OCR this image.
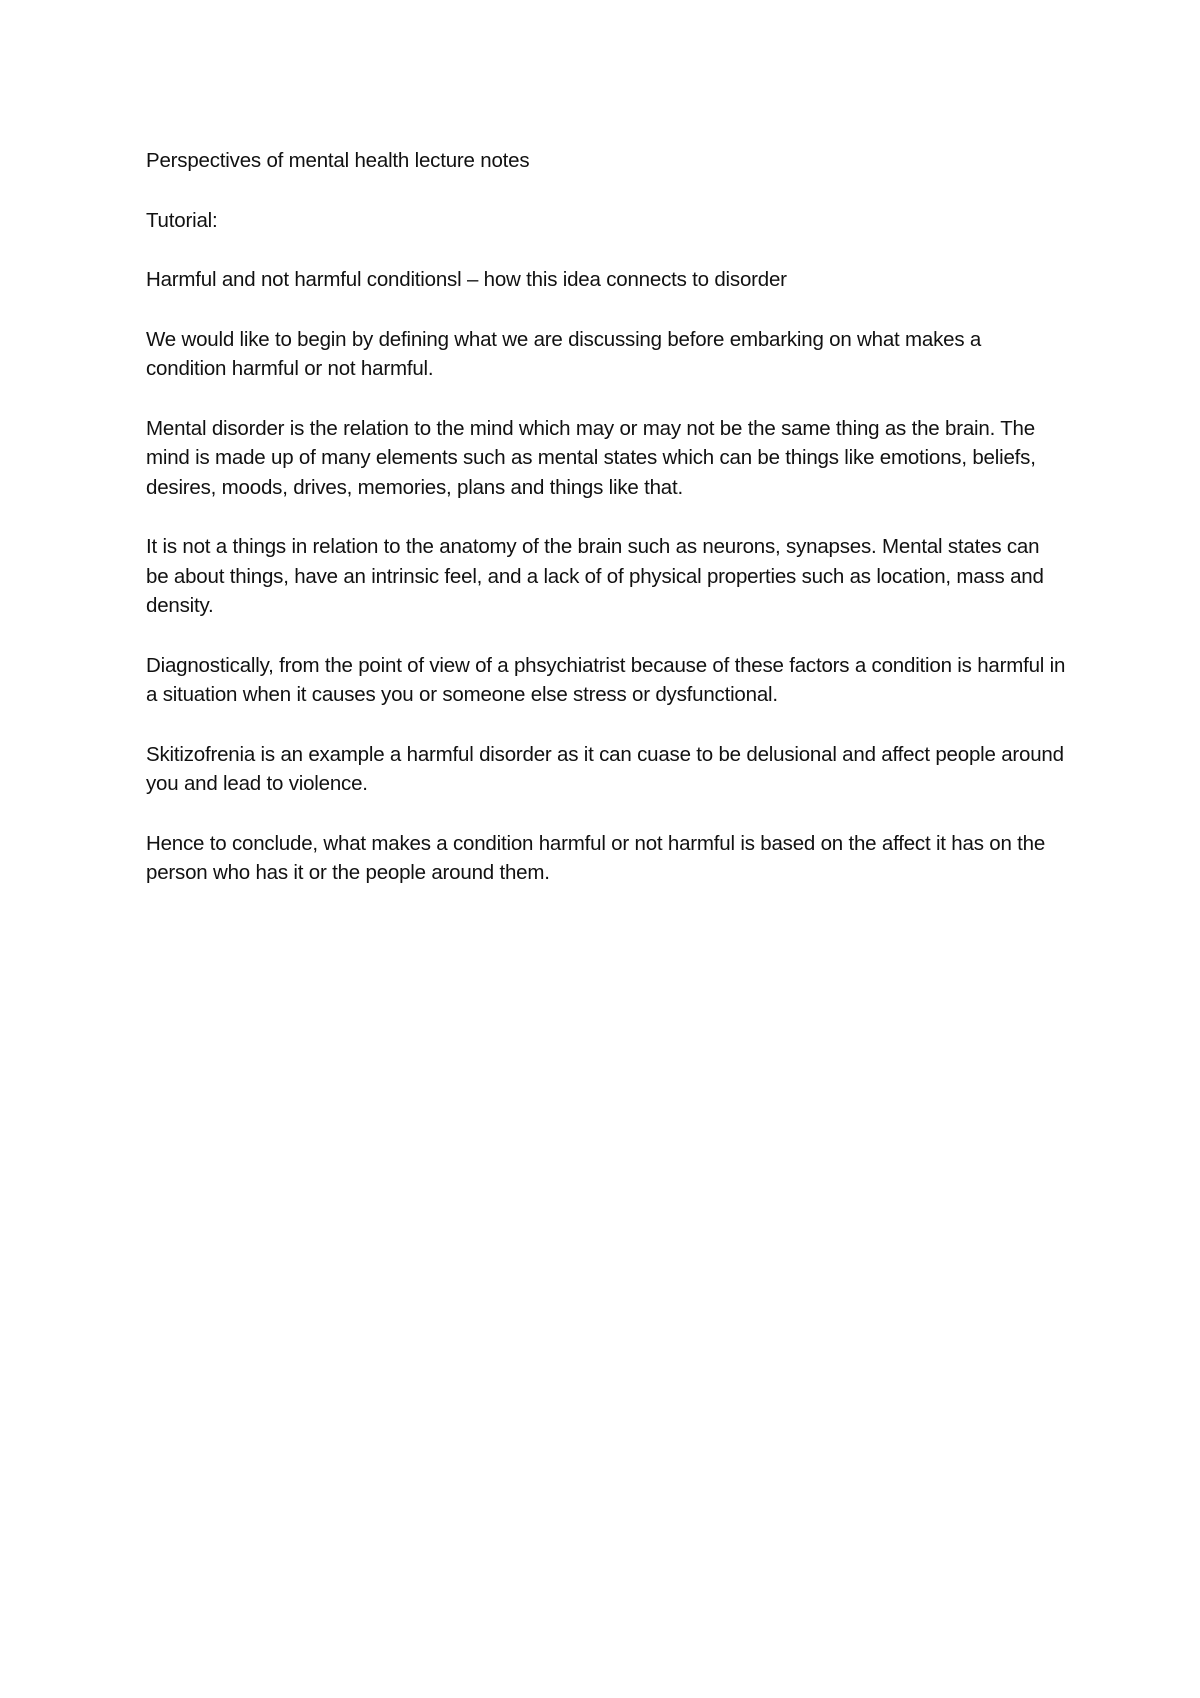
Perspectives of mental health lecture notes

Tutorial:

Harmful and not harmful conditionsl – how this idea connects to disorder

We would like to begin by defining what we are discussing before embarking on what makes a condition harmful or not harmful.

Mental disorder is the relation to the mind which may or may not be the same thing as the brain. The mind is made up of many elements such as mental states which can be things like emotions, beliefs, desires, moods, drives, memories, plans and things like that.

It is not a things in relation to the anatomy of the brain such as neurons, synapses. Mental states can be about things, have an intrinsic feel, and a lack of of physical properties such as location, mass and density.

Diagnostically, from the point of view of a phsychiatrist because of these factors a condition is harmful in a situation when it causes you or someone else stress or dysfunctional.

Skitizofrenia is an example a harmful disorder as it can cuase to be delusional and affect people around you and lead to violence.

Hence to conclude, what makes a condition harmful or not harmful is based on the affect it has on the person who has it or the people around them.
